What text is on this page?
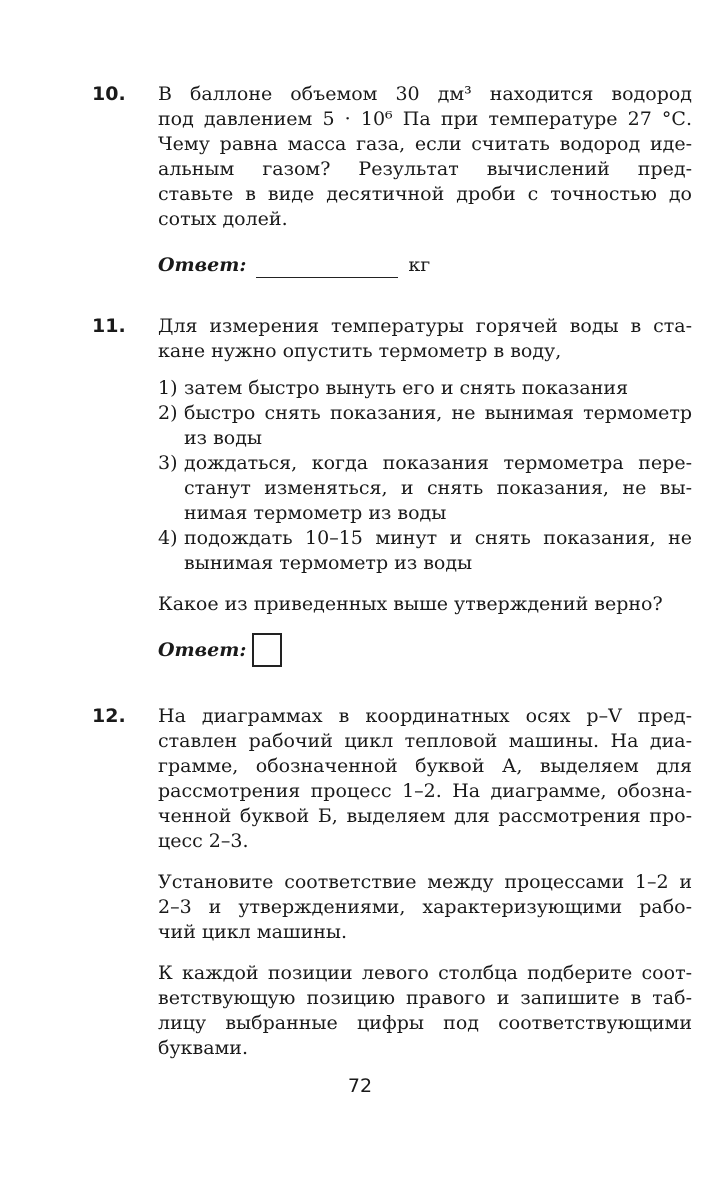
10. В баллоне объемом 30 дм³ находится водород
под давлением 5 · 10⁶ Па при температуре 27 °С.
Чему равна масса газа, если считать водород иде-
альным газом? Результат вычислений пред-
ставьте в виде десятичной дроби с точностью до
сотых долей.
Ответ:	кг
11. Для измерения температуры горячей воды в ста-
кане нужно опустить термометр в воду,
1) затем быстро вынуть его и снять показания
2) быстро снять показания, не вынимая термометр
из воды
3) дождаться, когда показания термометра пере-
станут изменяться, и снять показания, не вы-
нимая термометр из воды
4) подождать 10–15 минут и снять показания, не
вынимая термометр из воды
Какое из приведенных выше утверждений верно?
Ответ:
12. На диаграммах в координатных осях p–V пред-
ставлен рабочий цикл тепловой машины. На диа-
грамме, обозначенной буквой А, выделяем для
рассмотрения процесс 1–2. На диаграмме, обозна-
ченной буквой Б, выделяем для рассмотрения про-
цесс 2–3.
Установите соответствие между процессами 1–2 и
2–3 и утверждениями, характеризующими рабо-
чий цикл машины.
К каждой позиции левого столбца подберите соот-
ветствующую позицию правого и запишите в таб-
лицу выбранные цифры под соответствующими
буквами.
72
